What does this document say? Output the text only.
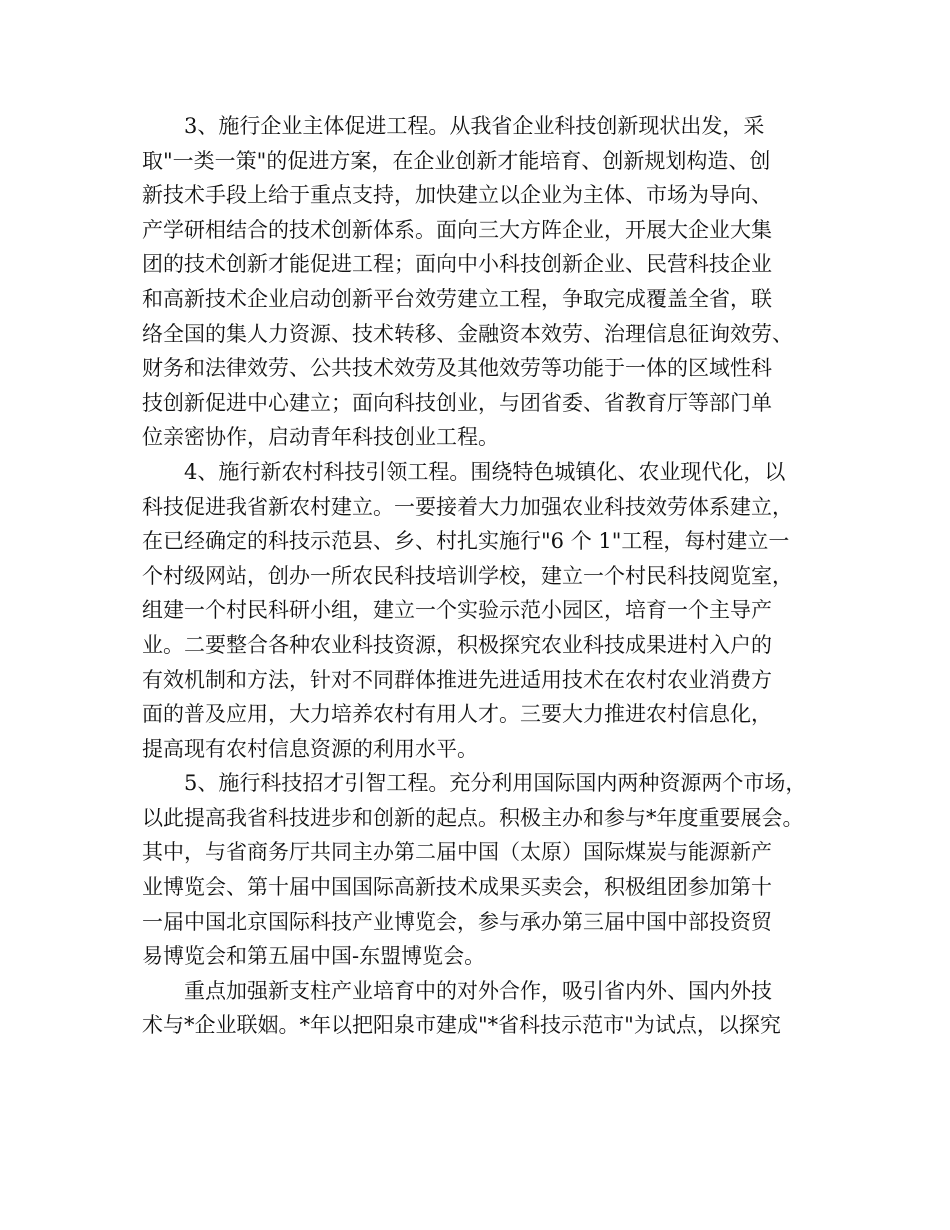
3、施行企业主体促进工程。从我省企业科技创新现状出发，采
取"一类一策"的促进方案，在企业创新才能培育、创新规划构造、创
新技术手段上给于重点支持，加快建立以企业为主体、市场为导向、
产学研相结合的技术创新体系。面向三大方阵企业，开展大企业大集
团的技术创新才能促进工程；面向中小科技创新企业、民营科技企业
和高新技术企业启动创新平台效劳建立工程，争取完成覆盖全省，联
络全国的集人力资源、技术转移、金融资本效劳、治理信息征询效劳、
财务和法律效劳、公共技术效劳及其他效劳等功能于一体的区域性科
技创新促进中心建立；面向科技创业，与团省委、省教育厅等部门单
位亲密协作，启动青年科技创业工程。
4、施行新农村科技引领工程。围绕特色城镇化、农业现代化，以
科技促进我省新农村建立。一要接着大力加强农业科技效劳体系建立，
在已经确定的科技示范县、乡、村扎实施行"6 个 1"工程，每村建立一
个村级网站，创办一所农民科技培训学校，建立一个村民科技阅览室，
组建一个村民科研小组，建立一个实验示范小园区，培育一个主导产
业。二要整合各种农业科技资源，积极探究农业科技成果进村入户的
有效机制和方法，针对不同群体推进先进适用技术在农村农业消费方
面的普及应用，大力培养农村有用人才。三要大力推进农村信息化，
提高现有农村信息资源的利用水平。
5、施行科技招才引智工程。充分利用国际国内两种资源两个市场，
以此提高我省科技进步和创新的起点。积极主办和参与*年度重要展会。
其中，与省商务厅共同主办第二届中国（太原）国际煤炭与能源新产
业博览会、第十届中国国际高新技术成果买卖会，积极组团参加第十
一届中国北京国际科技产业博览会，参与承办第三届中国中部投资贸
易博览会和第五届中国-东盟博览会。
重点加强新支柱产业培育中的对外合作，吸引省内外、国内外技
术与*企业联姻。*年以把阳泉市建成"*省科技示范市"为试点，以探究
